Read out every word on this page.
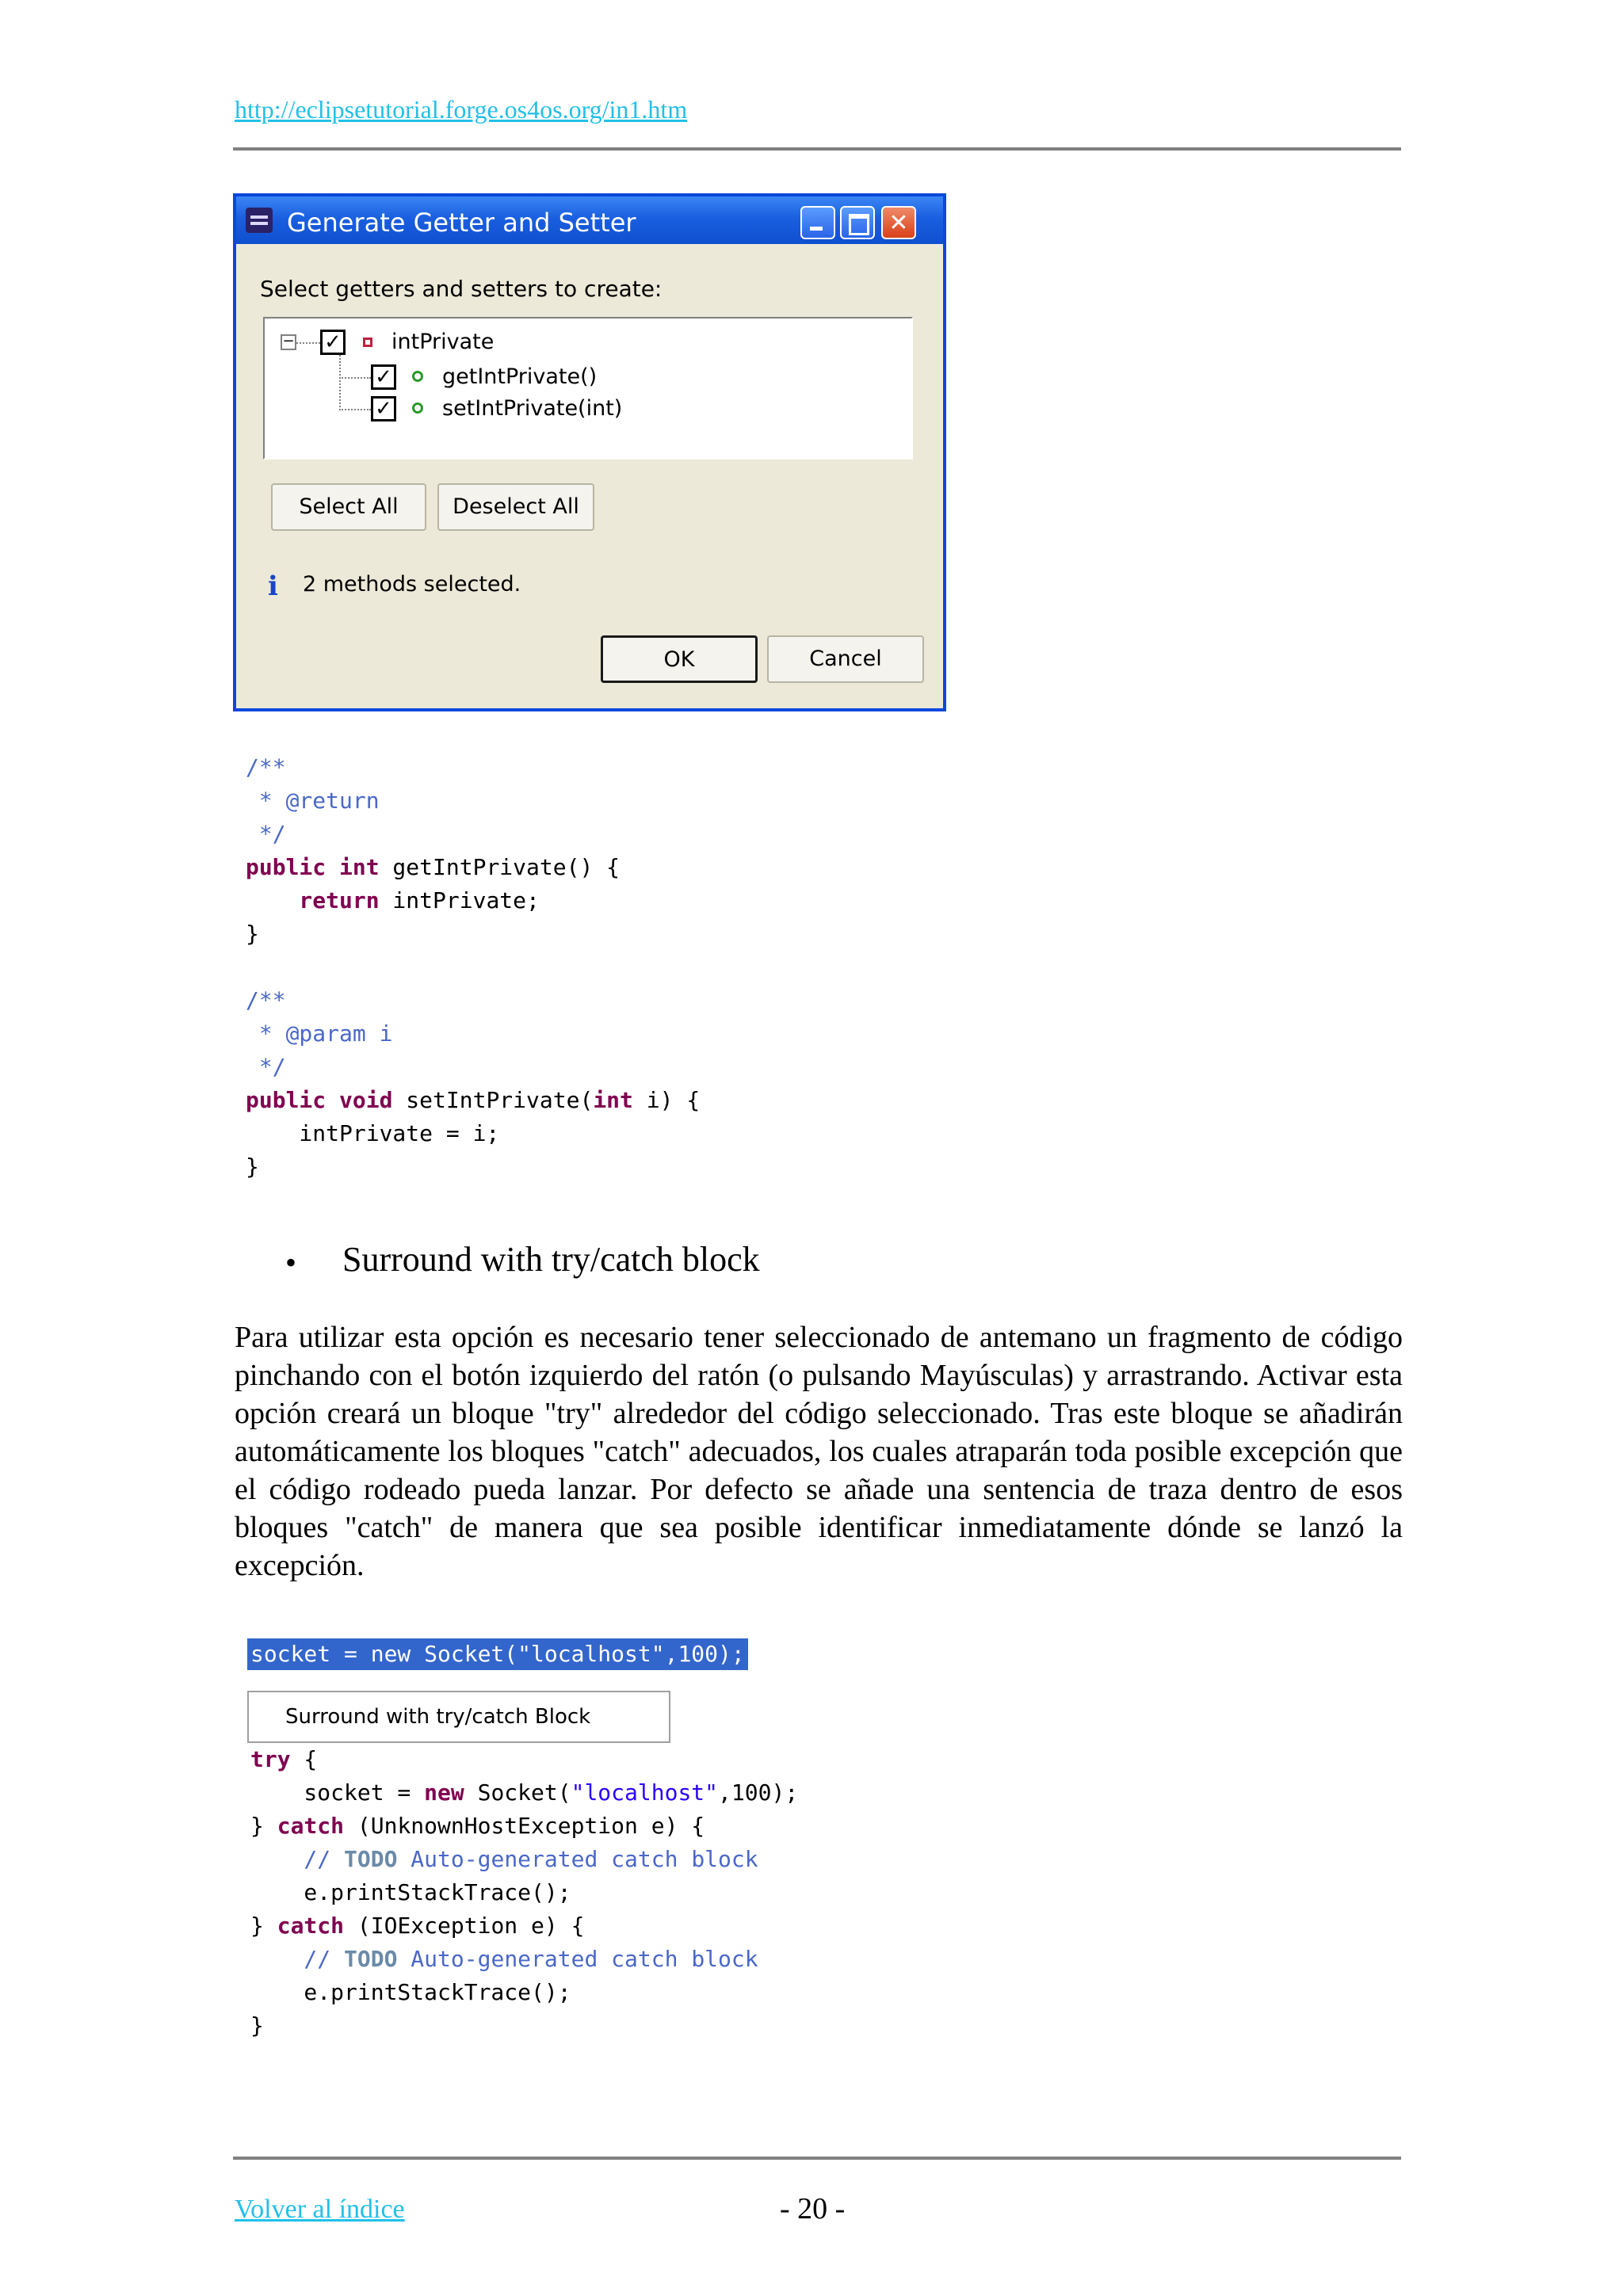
http://eclipsetutorial.forge.os4os.org/in1.htm
Generate Getter and Setter	✕
Select getters and setters to create:
− ✓ intPrivate
✓ getIntPrivate()
✓ setIntPrivate(int)
Select All	Deselect All
i 2 methods selected.
OK	Cancel
/**
* @return
*/
public int getIntPrivate() {
return intPrivate;
}

/**
* @param i
*/
public void setIntPrivate(int i) {
intPrivate = i;
}
• Surround with try/catch block
Para utilizar esta opción es necesario tener seleccionado de antemano un fragmento de código pinchando con el botón izquierdo del ratón (o pulsando Mayúsculas) y arrastrando. Activar esta opción creará un bloque "try" alrededor del código seleccionado. Tras este bloque se añadirán automáticamente los bloques "catch" adecuados, los cuales atraparán toda posible excepción que el código rodeado pueda lanzar. Por defecto se añade una sentencia de traza dentro de esos bloques "catch" de manera que sea posible identificar inmediatamente dónde se lanzó la excepción.
socket = new Socket("localhost",100);
Surround with try/catch Block
try {
socket = new Socket("localhost",100);
} catch (UnknownHostException e) {
// TODO Auto-generated catch block
e.printStackTrace();
} catch (IOException e) {
// TODO Auto-generated catch block
e.printStackTrace();
}
Volver al índice	- 20 -
